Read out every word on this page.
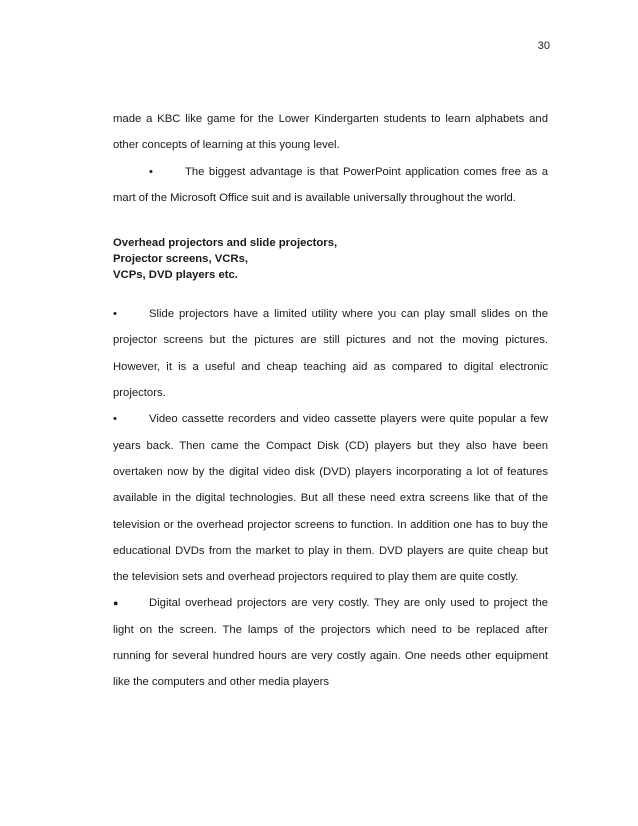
30

made a KBC like game for the Lower Kindergarten students to learn alphabets and other concepts of learning at this young level.

•	The biggest advantage is that PowerPoint application comes free as a mart of the Microsoft Office suit and is available universally throughout the world.

Overhead projectors and slide projectors,
Projector screens, VCRs,
VCPs, DVD players etc.

•	Slide projectors have a limited utility where you can play small slides on the projector screens but the pictures are still pictures and not the moving pictures. However, it is a useful and cheap teaching aid as compared to digital electronic projectors.

•	Video cassette recorders and video cassette players were quite popular a few years back. Then came the Compact Disk (CD) players but they also have been overtaken now by the digital video disk (DVD) players incorporating a lot of features available in the digital technologies. But all these need extra screens like that of the television or the overhead projector screens to function. In addition one has to buy the educational DVDs from the market to play in them. DVD players are quite cheap but the television sets and overhead projectors required to play them are quite costly.

●	Digital overhead projectors are very costly. They are only used to project the light on the screen. The lamps of the projectors which need to be replaced after running for several hundred hours are very costly again. One needs other equipment like the computers and other media players
